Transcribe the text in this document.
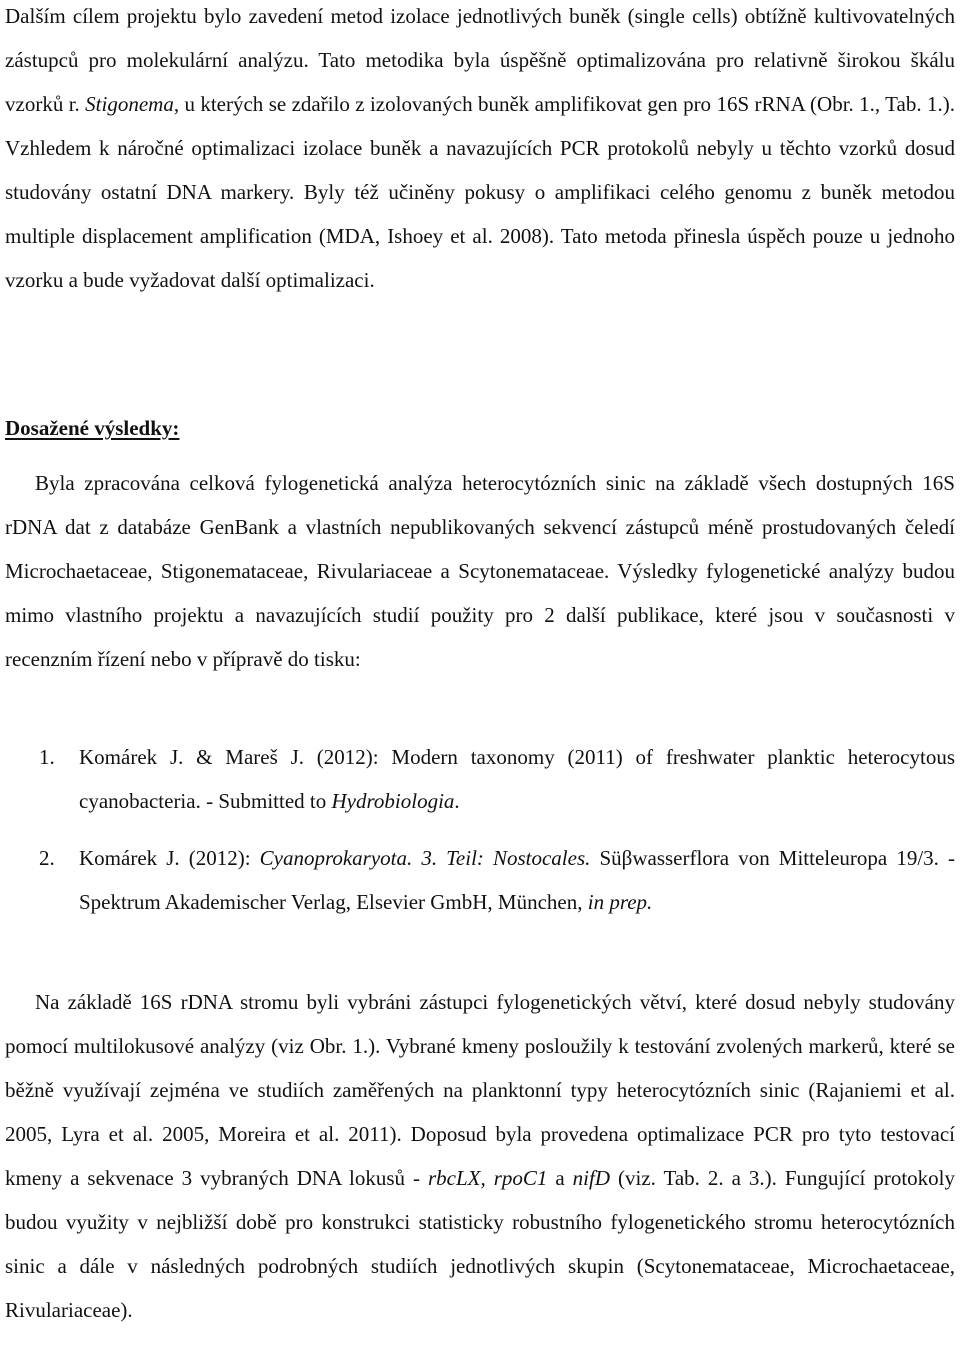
Dalším cílem projektu bylo zavedení metod izolace jednotlivých buněk (single cells) obtížně kultivovatelných zástupců pro molekulární analýzu. Tato metodika byla úspěšně optimalizována pro relativně širokou škálu vzorků r. Stigonema, u kterých se zdařilo z izolovaných buněk amplifikovat gen pro 16S rRNA (Obr. 1., Tab. 1.). Vzhledem k náročné optimalizaci izolace buněk a navazujících PCR protokolů nebyly u těchto vzorků dosud studovány ostatní DNA markery. Byly též učiněny pokusy o amplifikaci celého genomu z buněk metodou multiple displacement amplification (MDA, Ishoey et al. 2008). Tato metoda přinesla úspěch pouze u jednoho vzorku a bude vyžadovat další optimalizaci.

Dosažené výsledky:

Byla zpracována celková fylogenetická analýza heterocytózních sinic na základě všech dostupných 16S rDNA dat z databáze GenBank a vlastních nepublikovaných sekvencí zástupců méně prostudovaných čeledí Microchaetaceae, Stigonemataceae, Rivulariaceae a Scytonemataceae. Výsledky fylogenetické analýzy budou mimo vlastního projektu a navazujících studií použity pro 2 další publikace, které jsou v současnosti v recenzním řízení nebo v přípravě do tisku:

1. Komárek J. & Mareš J. (2012): Modern taxonomy (2011) of freshwater planktic heterocytous cyanobacteria. - Submitted to Hydrobiologia.
2. Komárek J. (2012): Cyanoprokaryota. 3. Teil: Nostocales. Süβwasserflora von Mitteleuropa 19/3. - Spektrum Akademischer Verlag, Elsevier GmbH, München, in prep.

Na základě 16S rDNA stromu byli vybráni zástupci fylogenetických větví, které dosud nebyly studovány pomocí multilokusové analýzy (viz Obr. 1.). Vybrané kmeny posloužily k testování zvolených markerů, které se běžně využívají zejména ve studiích zaměřených na planktonní typy heterocytózních sinic (Rajaniemi et al. 2005, Lyra et al. 2005, Moreira et al. 2011). Doposud byla provedena optimalizace PCR pro tyto testovací kmeny a sekvenace 3 vybraných DNA lokusů - rbcLX, rpoC1 a nifD (viz. Tab. 2. a 3.). Fungující protokoly budou využity v nejbližší době pro konstrukci statisticky robustního fylogenetického stromu heterocytózních sinic a dále v následných podrobných studiích jednotlivých skupin (Scytonemataceae, Microchaetaceae, Rivulariaceae).
